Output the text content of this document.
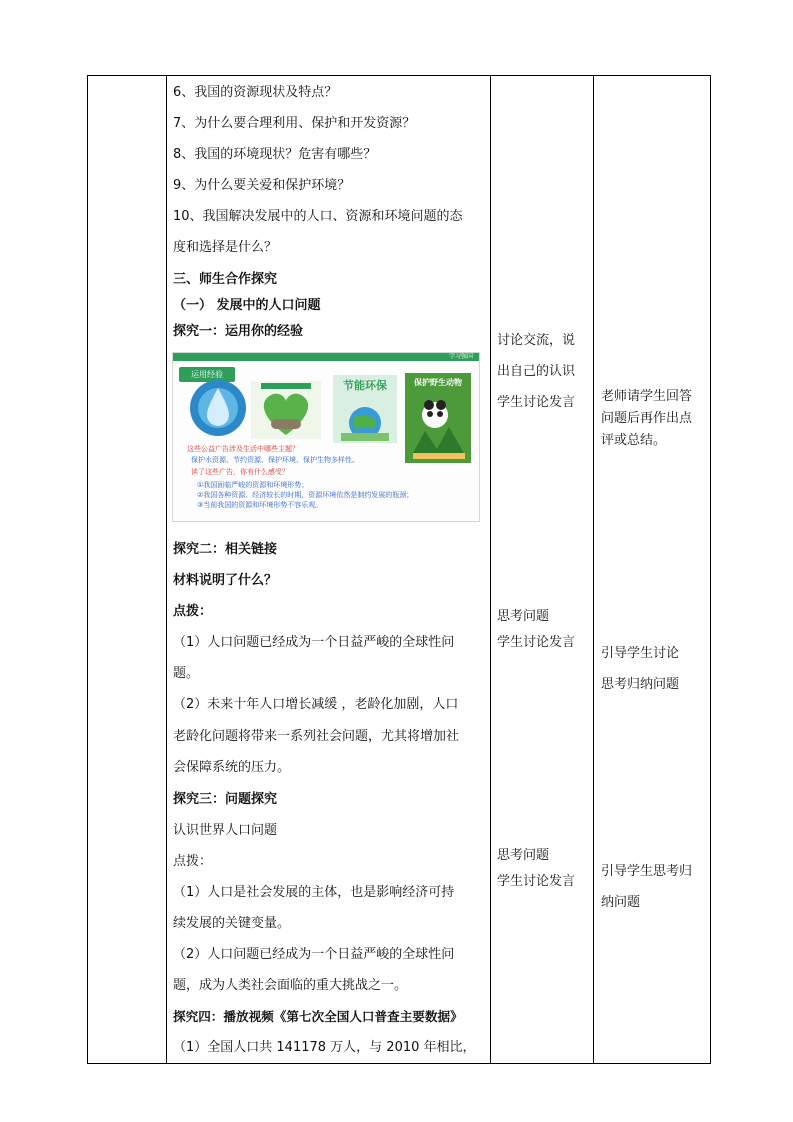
6、我国的资源现状及特点？
7、为什么要合理利用、保护和开发资源？
8、我国的环境现状？危害有哪些？
9、为什么要关爱和保护环境？
10、我国解决发展中的人口、资源和环境问题的态
度和选择是什么？
三、师生合作探究
（一） 发展中的人口问题
探究一：运用你的经验
学习强国
运用经验
节能环保	保护野生动物
这些公益广告涉及生活中哪些主题？
保护水资源、节约资源、保护环境、保护生物多样性。
读了这些广告，你有什么感受？
①我国面临严峻的资源和环境形势；
②我国各种资源、经济较长的时期，资源环境依然是制约发展的瓶颈；
③当前我国的资源和环境形势不容乐观。
探究二：相关链接
材料说明了什么？
点拨：
（1）人口问题已经成为一个日益严峻的全球性问
题。
（2）未来十年人口增长减缓 ，老龄化加剧，人口
老龄化问题将带来一系列社会问题，尤其将增加社
会保障系统的压力。
探究三：问题探究
认识世界人口问题
点拨：
（1）人口是社会发展的主体，也是影响经济可持
续发展的关键变量。
（2）人口问题已经成为一个日益严峻的全球性问
题，成为人类社会面临的重大挑战之一。
探究四：播放视频《第七次全国人口普查主要数据》
（1）全国人口共 141178 万人，与 2010 年相比，

讨论交流，说
出自己的认识
学生讨论发言
思考问题
学生讨论发言
思考问题
学生讨论发言

老师请学生回答
问题后再作出点
评或总结。
引导学生讨论
思考归纳问题
引导学生思考归
纳问题
